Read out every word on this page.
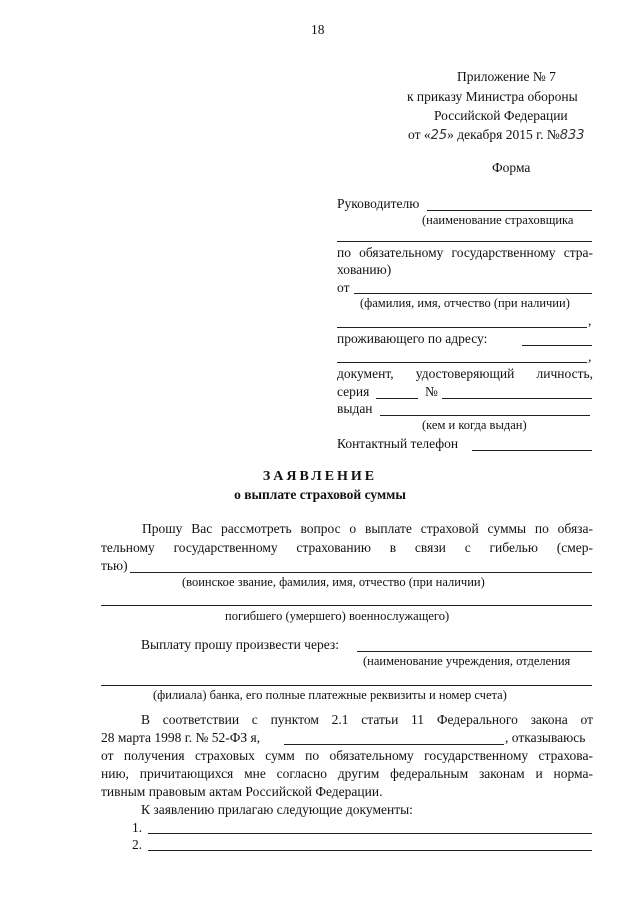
18
Приложение № 7
к приказу Министра обороны
Российской Федерации
от «25» декабря 2015 г. №833
Форма
Руководителю
(наименование страховщика
по обязательному государственному стра-
хованию)
от
(фамилия, имя, отчество (при наличии)
,
проживающего по адресу:
,
документ, удостоверяющий личность,
серия	№
выдан
(кем и когда выдан)
Контактный телефон
ЗАЯВЛЕНИЕ
о выплате страховой суммы
Прошу Вас рассмотреть вопрос о выплате страховой суммы по обяза-
тельному государственному страхованию в связи с гибелью (смер-
тью)
(воинское звание, фамилия, имя, отчество (при наличии)
погибшего (умершего) военнослужащего)
Выплату прошу произвести через:
(наименование учреждения, отделения
(филиала) банка, его полные платежные реквизиты и номер счета)
В соответствии с пунктом 2.1 статьи 11 Федерального закона от
28 марта 1998 г. № 52-ФЗ я,	, отказываюсь
от получения страховых сумм по обязательному государственному страхова-
нию, причитающихся мне согласно другим федеральным законам и норма-
тивным правовым актам Российской Федерации.
К заявлению прилагаю следующие документы:
1.
2.
